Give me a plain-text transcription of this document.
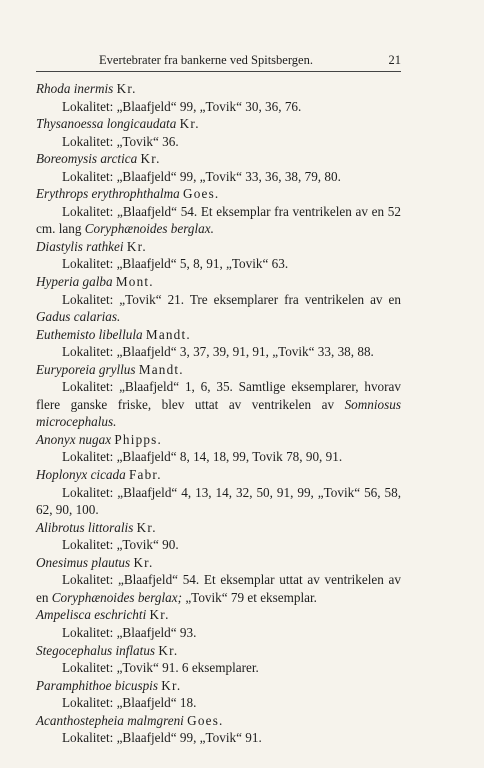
Evertebrater fra bankerne ved Spitsbergen.	21
Rhoda inermis Kr.
Lokalitet: „Blaafjeld“ 99, „Tovik“ 30, 36, 76.
Thysanoessa longicaudata Kr.
Lokalitet: „Tovik“ 36.
Boreomysis arctica Kr.
Lokalitet: „Blaafjeld“ 99, „Tovik“ 33, 36, 38, 79, 80.
Erythrops erythrophthalma Goes.
Lokalitet: „Blaafjeld“ 54. Et eksemplar fra ventrikelen av en 52 cm. lang Coryphænoides berglax.
Diastylis rathkei Kr.
Lokalitet: „Blaafjeld“ 5, 8, 91, „Tovik“ 63.
Hyperia galba Mont.
Lokalitet: „Tovik“ 21. Tre eksemplarer fra ventrikelen av en Gadus calarias.
Euthemisto libellula Mandt.
Lokalitet: „Blaafjeld“ 3, 37, 39, 91, 91, „Tovik“ 33, 38, 88.
Euryporeia gryllus Mandt.
Lokalitet: „Blaafjeld“ 1, 6, 35. Samtlige eksemplarer, hvorav flere ganske friske, blev uttat av ventrikelen av Somniosus microcephalus.
Anonyx nugax Phipps.
Lokalitet: „Blaafjeld“ 8, 14, 18, 99, Tovik 78, 90, 91.
Hoplonyx cicada Fabr.
Lokalitet: „Blaafjeld“ 4, 13, 14, 32, 50, 91, 99, „Tovik“ 56, 58, 62, 90, 100.
Alibrotus littoralis Kr.
Lokalitet: „Tovik“ 90.
Onesimus plautus Kr.
Lokalitet: „Blaafjeld“ 54. Et eksemplar uttat av ventrikelen av en Coryphænoides berglax; „Tovik“ 79 et eksemplar.
Ampelisca eschrichti Kr.
Lokalitet: „Blaafjeld“ 93.
Stegocephalus inflatus Kr.
Lokalitet: „Tovik“ 91. 6 eksemplarer.
Paramphithoe bicuspis Kr.
Lokalitet: „Blaafjeld“ 18.
Acanthostepheia malmgreni Goes.
Lokalitet: „Blaafjeld“ 99, „Tovik“ 91.
